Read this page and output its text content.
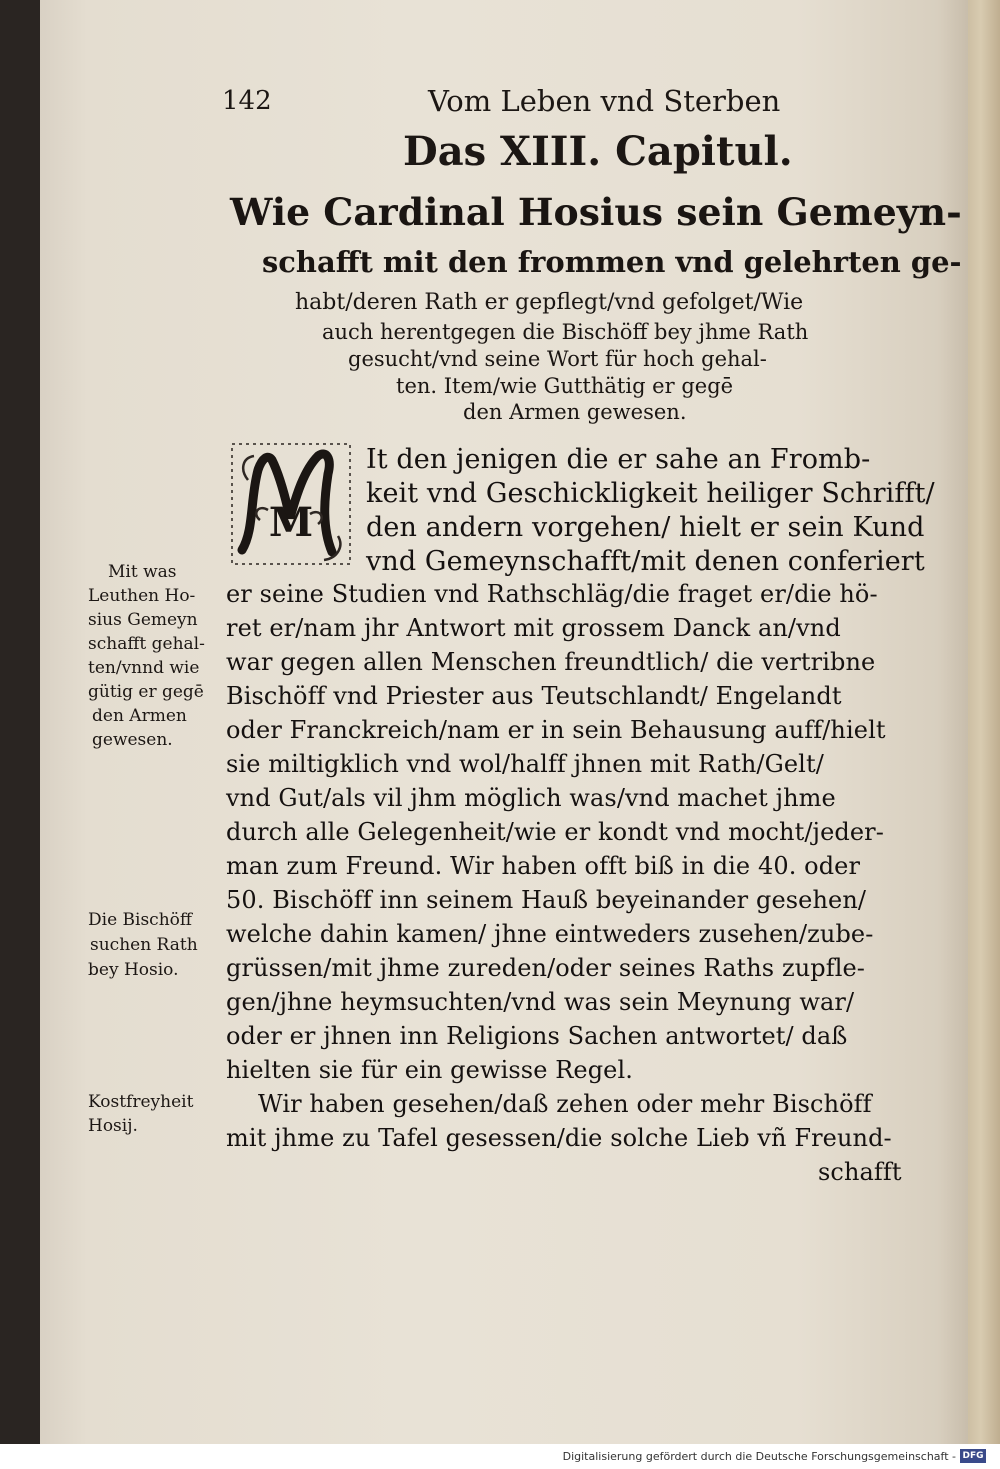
142	Vom Leben vnd Sterben

Das XIII. Capitul.

Wie Cardinal Hosius sein Gemeyn-

schafft mit den frommen vnd gelehrten ge-

habt/deren Rath er gepflegt/vnd gefolget/Wie

auch herentgegen die Bischöff bey jhme Rath

gesucht/vnd seine Wort für hoch gehal-

ten. Item/wie Gutthätig er gegē

den Armen gewesen.

M

It den jenigen die er sahe an Fromb-

keit vnd Geschickligkeit heiliger Schrifft/

den andern vorgehen/ hielt er sein Kund

vnd Gemeynschafft/mit denen conferiert

er seine Studien vnd Rathschläg/die fraget er/die hö-

ret er/nam jhr Antwort mit grossem Danck an/vnd

war gegen allen Menschen freundtlich/ die vertribne

Bischöff vnd Priester aus Teutschlandt/ Engelandt

oder Franckreich/nam er in sein Behausung auff/hielt

sie miltigklich vnd wol/halff jhnen mit Rath/Gelt/

vnd Gut/als vil jhm möglich was/vnd machet jhme

durch alle Gelegenheit/wie er kondt vnd mocht/jeder-

man zum Freund. Wir haben offt biß in die 40. oder

50. Bischöff inn seinem Hauß beyeinander gesehen/

welche dahin kamen/ jhne eintweders zusehen/zube-

grüssen/mit jhme zureden/oder seines Raths zupfle-

gen/jhne heymsuchten/vnd was sein Meynung war/

oder er jhnen inn Religions Sachen antwortet/ daß

hielten sie für ein gewisse Regel.

Wir haben gesehen/daß zehen oder mehr Bischöff

mit jhme zu Tafel gesessen/die solche Lieb vñ Freund-

schafft

Mit was

Leuthen Ho-

sius Gemeyn

schafft gehal-

ten/vnnd wie

gütig er gegē

den Armen

gewesen.

Die Bischöff

suchen Rath

bey Hosio.

Kostfreyheit

Hosij.

Digitalisierung gefördert durch die Deutsche Forschungsgemeinschaft - DFG
